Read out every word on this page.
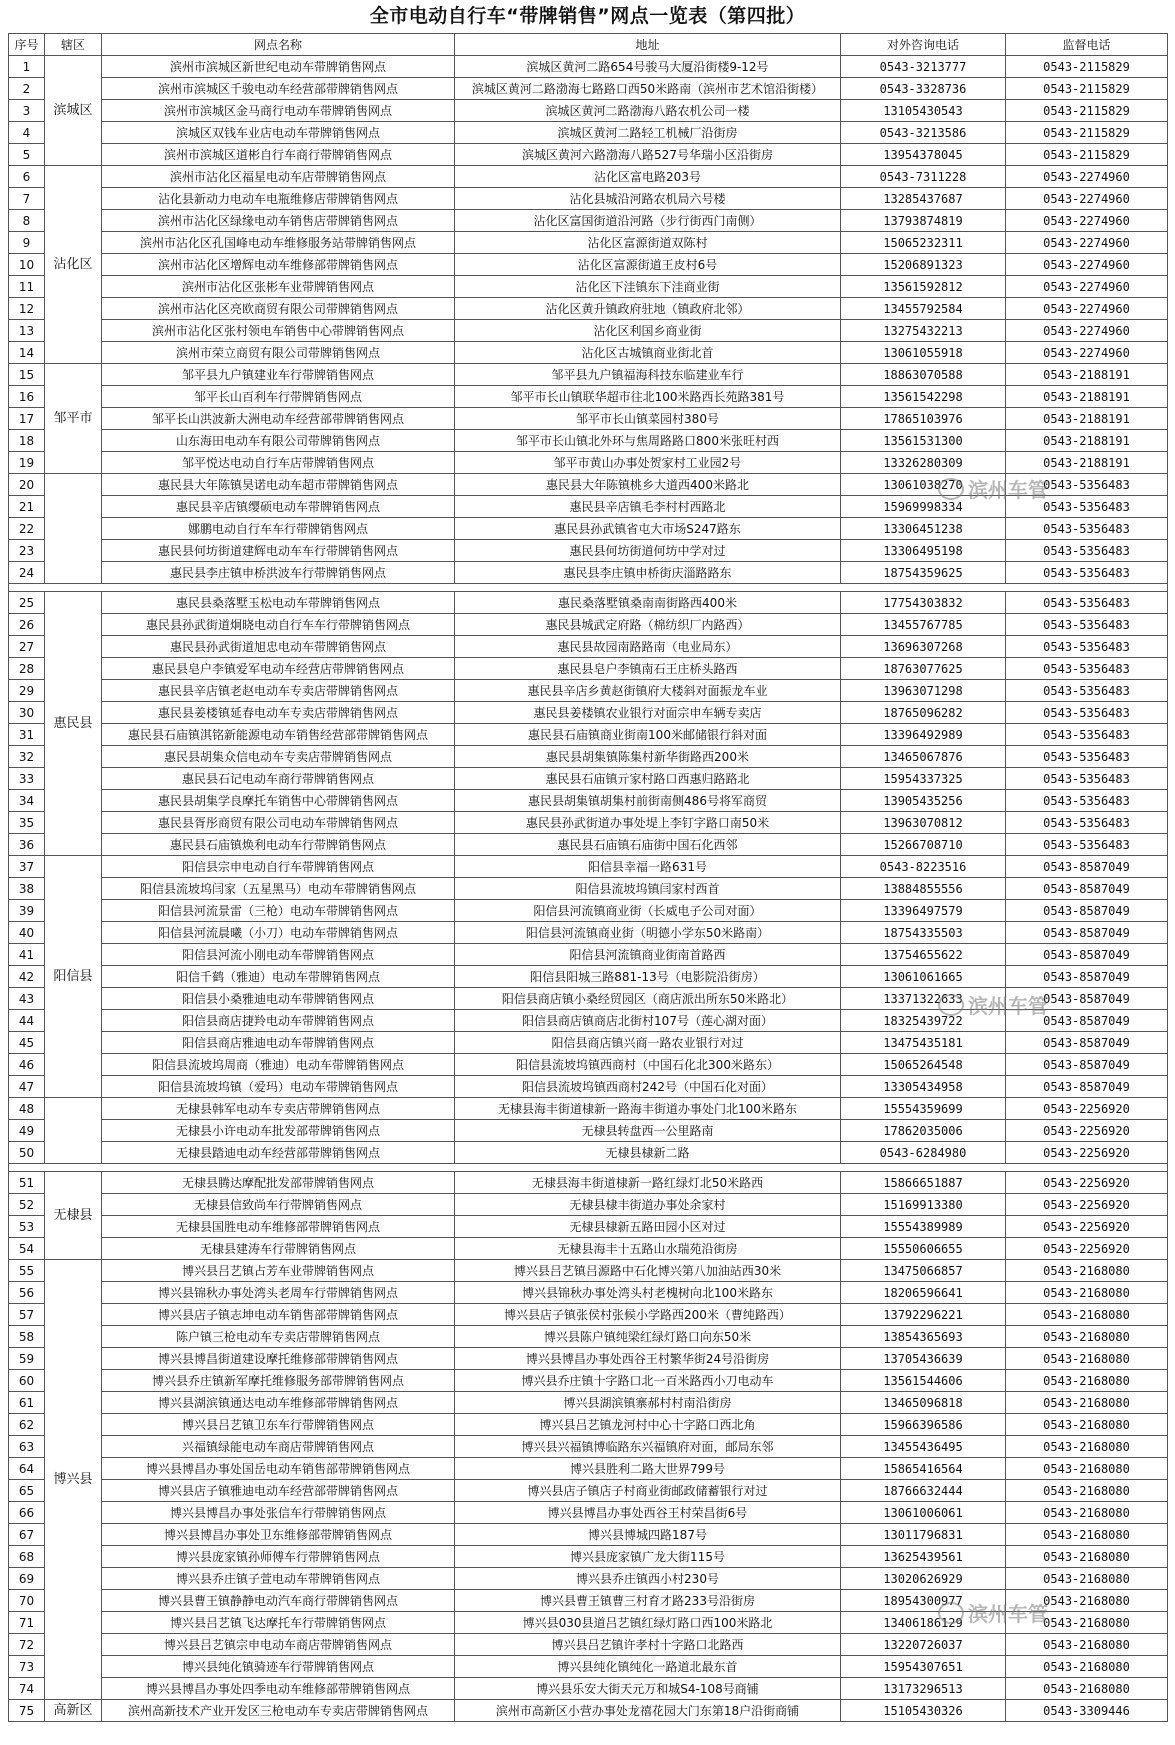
全市电动自行车“带牌销售”网点一览表（第四批）
序号	辖区	网点名称	地址	对外咨询电话	监督电话
1	滨城区	滨州市滨城区新世纪电动车带牌销售网点	滨城区黄河二路654号骏马大厦沿街楼9-12号	0543-3213777	0543-2115829
2		滨州市滨城区千骏电动车经营部带牌销售网点	滨城区黄河二路渤海七路路口西50米路南（滨州市艺术馆沿街楼）	0543-3328736	0543-2115829
3		滨州市滨城区金马商行电动车带牌销售网点	滨城区黄河二路渤海八路农机公司一楼	13105430543	0543-2115829
4		滨城区双钱车业店电动车带牌销售网点	滨城区黄河二路轻工机械厂沿街房	0543-3213586	0543-2115829
5		滨州市滨城区道彬自行车商行带牌销售网点	滨城区黄河六路渤海八路527号华瑞小区沿街房	13954378045	0543-2115829
6	沾化区	滨州市沾化区福星电动车店带牌销售网点	沾化区富电路203号	0543-7311228	0543-2274960
7		沾化县新动力电动车电瓶维修店带牌销售网点	沾化县城沿河路农机局六号楼	13285437687	0543-2274960
8		滨州市沾化区绿缘电动车销售店带牌销售网点	沾化区富国街道沿河路（步行街西门南侧）	13793874819	0543-2274960
9		滨州市沾化区孔国峰电动车维修服务站带牌销售网点	沾化区富源街道双陈村	15065232311	0543-2274960
10		滨州市沾化区增辉电动车维修部带牌销售网点	沾化区富源街道王皮村6号	15206891323	0543-2274960
11		滨州市沾化区张彬车业带牌销售网点	沾化区下洼镇东下洼商业街	13561592812	0543-2274960
12		滨州市沾化区亮欧商贸有限公司带牌销售网点	沾化区黄升镇政府驻地（镇政府北邻）	13455792584	0543-2274960
13		滨州市沾化区张村领电车销售中心带牌销售网点	沾化区利国乡商业街	13275432213	0543-2274960
14		滨州市荣立商贸有限公司带牌销售网点	沾化区古城镇商业街北首	13061055918	0543-2274960
15	邹平市	邹平县九户镇建业车行带牌销售网点	邹平县九户镇福海科技东临建业车行	18863070588	0543-2188191
16		邹平长山百利车行带牌销售网点	邹平市长山镇联华超市往北100米路西长苑路381号	13561542298	0543-2188191
17		邹平长山洪波新大洲电动车经营部带牌销售网点	邹平市长山镇菜园村380号	17865103976	0543-2188191
18		山东海田电动车有限公司带牌销售网点	邹平市长山镇北外环与焦周路路口800米张旺村西	13561531300	0543-2188191
19		邹平悦达电动自行车店带牌销售网点	邹平市黄山办事处贺家村工业园2号	13326280309	0543-2188191
20		惠民县大年陈镇昊诺电动车超市带牌销售网点	惠民县大年陈镇桃乡大道西400米路北	13061038270	0543-5356483
21		惠民县辛店镇缨硕电动车带牌销售网点	惠民县辛店镇毛李村村西路北	15969998334	0543-5356483
22		娜鹏电动自行车车行带牌销售网点	惠民县孙武镇省屯大市场S247路东	13306451238	0543-5356483
23		惠民县何坊街道建辉电动车车行带牌销售网点	惠民县何坊街道何坊中学对过	13306495198	0543-5356483
24		惠民县李庄镇申桥洪波车行带牌销售网点	惠民县李庄镇申桥街庆淄路路东	18754359625	0543-5356483

25	惠民县	惠民县桑落墅玉松电动车带牌销售网点	惠民桑落墅镇桑南南街路西400米	17754303832	0543-5356483
26		惠民县孙武街道炯晓电动自行车车行带牌销售网点	惠民县城武定府路（棉纺织厂内路西）	13455767785	0543-5356483
27		惠民县孙武街道旭忠电动车带牌销售网点	惠民县故园南路路南（电业局东）	13696307268	0543-5356483
28		惠民县皂户李镇爱军电动车经营店带牌销售网点	惠民县皂户李镇南石王庄桥头路西	18763077625	0543-5356483
29		惠民县辛店镇老赵电动车专卖店带牌销售网点	惠民县辛店乡黄赵街镇府大楼斜对面振龙车业	13963071298	0543-5356483
30		惠民县姜楼镇延春电动车专卖店带牌销售网点	惠民县姜楼镇农业银行对面宗申车辆专卖店	18765096282	0543-5356483
31		惠民县石庙镇淇铭新能源电动车销售经营部带牌销售网点	惠民县石庙镇商业街南100米邮储银行斜对面	13396492989	0543-5356483
32		惠民县胡集众信电动车专卖店带牌销售网点	惠民县胡集镇陈集村新华街路西200米	13465067876	0543-5356483
33		惠民县石记电动车商行带牌销售网点	惠民县石庙镇亓家村路口西惠归路路北	15954337325	0543-5356483
34		惠民县胡集学良摩托车销售中心带牌销售网点	惠民县胡集镇胡集村前街南侧486号将军商贸	13905435256	0543-5356483
35		惠民县胥彤商贸有限公司电动车带牌销售网点	惠民县孙武街道办事处堤上李钉字路口南50米	13963070812	0543-5356483
36		惠民县石庙镇焕利电动车行带牌销售网点	惠民县石庙镇石庙街中国石化西邻	15266708710	0543-5356483
37	阳信县	阳信县宗申电动自行车带牌销售网点	阳信县幸福一路631号	0543-8223516	0543-8587049
38		阳信县流坡坞闫家（五星黑马）电动车带牌销售网点	阳信县流坡坞镇闫家村西首	13884855556	0543-8587049
39		阳信县河流景雷（三枪）电动车带牌销售网点	阳信县河流镇商业街（长威电子公司对面）	13396497579	0543-8587049
40		阳信县河流晨曦（小刀）电动车带牌销售网点	阳信县河流镇商业街（明德小学东50米路南）	18754335503	0543-8587049
41		阳信县河流小刚电动车带牌销售网点	阳信县河流镇商业街南首路西	13754655622	0543-8587049
42		阳信千鹤（雅迪）电动车带牌销售网点	阳信县阳城三路881-13号（电影院沿街房）	13061061665	0543-8587049
43		阳信县小桑雅迪电动车带牌销售网点	阳信县商店镇小桑经贸园区（商店派出所东50米路北）	13371322633	0543-8587049
44		阳信县商店捷羚电动车带牌销售网点	阳信县商店镇商店北街村107号（莲心湖对面）	18325439722	0543-8587049
45		阳信县商店雅迪电动车带牌销售网点	阳信县商店镇兴商一路农业银行对过	13475435181	0543-8587049
46		阳信县流坡坞周商（雅迪）电动车带牌销售网点	阳信县流坡坞镇西商村（中国石化北300米路东）	15065264548	0543-8587049
47		阳信县流坡坞镇（爱玛）电动车带牌销售网点	阳信县流坡坞镇西商村242号（中国石化对面）	13305434958	0543-8587049
48		无棣县韩军电动车专卖店带牌销售网点	无棣县海丰街道棣新一路海丰街道办事处门北100米路东	15554359699	0543-2256920
49		无棣县小许电动车批发部带牌销售网点	无棣县转盘西一公里路南	17862035006	0543-2256920
50		无棣县踏迪电动车经营部带牌销售网点	无棣县棣新二路	0543-6284980	0543-2256920

51	无棣县	无棣县腾达摩配批发部带牌销售网点	无棣县海丰街道棣新一路红绿灯北50米路西	15866651887	0543-2256920
52		无棣县信致尚车行带牌销售网点	无棣县棣丰街道办事处余家村	15169913380	0543-2256920
53		无棣县国胜电动车维修部带牌销售网点	无棣县棣新五路田园小区对过	15554389989	0543-2256920
54		无棣县建涛车行带牌销售网点	无棣县海丰十五路山水瑞苑沿街房	15550606655	0543-2256920
55	博兴县	博兴县吕艺镇占芳车业带牌销售网点	博兴县吕艺镇吕源路中石化博兴第八加油站西30米	13475066857	0543-2168080
56		博兴县锦秋办事处湾头老周车行带牌销售网点	博兴县锦秋办事处湾头村老槐树向北100米路东	18206596641	0543-2168080
57		博兴县店子镇志坤电动车销售部带牌销售网点	博兴县店子镇张侯村张候小学路西200米（曹纯路西）	13792296221	0543-2168080
58		陈户镇三枪电动车专卖店带牌销售网点	博兴县陈户镇纯梁红绿灯路口向东50米	13854365693	0543-2168080
59		博兴县博昌街道建设摩托维修部带牌销售网点	博兴县博昌办事处西谷王村繁华街24号沿街房	13705436639	0543-2168080
60		博兴县乔庄镇新军摩托维修服务部带牌销售网点	博兴县乔庄镇十字路口北一百米路西小刀电动车	13561544606	0543-2168080
61		博兴县湖滨镇通达电动车维修部带牌销售网点	博兴县湖滨镇寨郝村村南沿街房	13465096818	0543-2168080
62		博兴县吕艺镇卫东车行带牌销售网点	博兴县吕艺镇龙河村中心十字路口西北角	15966396586	0543-2168080
63		兴福镇绿能电动车商店带牌销售网点	博兴县兴福镇博临路东兴福镇府对面，邮局东邻	13455436495	0543-2168080
64		博兴县博昌办事处国岳电动车销售部带牌销售网点	博兴县胜利二路大世界799号	15865416564	0543-2168080
65		博兴县店子镇雅迪电动车经营部带牌销售网点	博兴县店子镇店子村商业街邮政储蓄银行对过	18766632444	0543-2168080
66		博兴县博昌办事处张信车行带牌销售网点	博兴县博昌办事处西谷王村荣昌街6号	13061006061	0543-2168080
67		博兴县博昌办事处卫东维修部带牌销售网点	博兴县博城四路187号	13011796831	0543-2168080
68		博兴县庞家镇孙师傅车行带牌销售网点	博兴县庞家镇广龙大街115号	13625439561	0543-2168080
69		博兴县乔庄镇子萱电动车带牌销售网点	博兴县乔庄镇西小村230号	13020626929	0543-2168080
70		博兴县曹王镇静静电动汽车商行带牌销售网点	博兴县曹王镇曹三村育才路233号沿街房	18954300977	0543-2168080
71		博兴县吕艺镇飞达摩托车行带牌销售网点	博兴县030县道吕艺镇红绿灯路口西100米路北	13406186129	0543-2168080
72		博兴县吕艺镇宗申电动车商店带牌销售网点	博兴县吕艺镇许孝村十字路口北路西	13220726037	0543-2168080
73		博兴县纯化镇骑迹车行带牌销售网点	博兴县纯化镇纯化一路道北最东首	15954307651	0543-2168080
74		博兴县博昌办事处四季电动车维修部带牌销售网点	博兴县乐安大街天元万和城S4-108号商铺	13173296513	0543-2168080
75	高新区	滨州高新技术产业开发区三枪电动车专卖店带牌销售网点	滨州市高新区小营办事处龙禧花园大门东第18户沿街商铺	15105430326	0543-3309446
滨州车管
滨州车管
滨州车管
